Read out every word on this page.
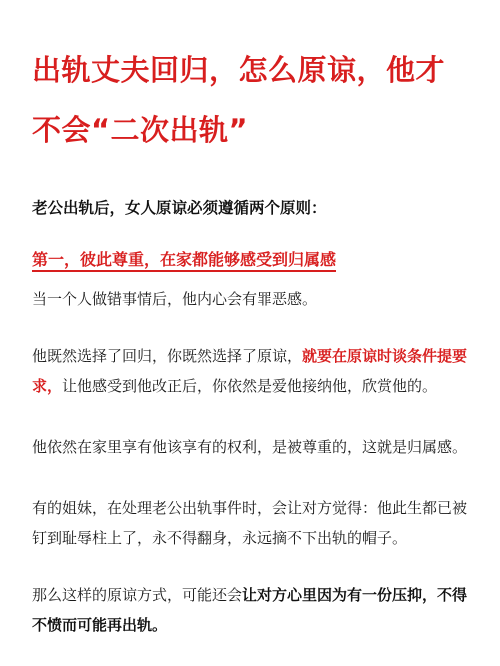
出轨丈夫回归，怎么原谅，他才不会“二次出轨”

老公出轨后，女人原谅必须遵循两个原则：

第一，彼此尊重，在家都能够感受到归属感

当一个人做错事情后，他内心会有罪恶感。

他既然选择了回归，你既然选择了原谅，就要在原谅时谈条件提要求，让他感受到他改正后，你依然是爱他接纳他，欣赏他的。

他依然在家里享有他该享有的权利，是被尊重的，这就是归属感。

有的姐妹，在处理老公出轨事件时，会让对方觉得：他此生都已被钉到耻辱柱上了，永不得翻身，永远摘不下出轨的帽子。

那么这样的原谅方式，可能还会让对方心里因为有一份压抑，不得不愤而可能再出轨。
